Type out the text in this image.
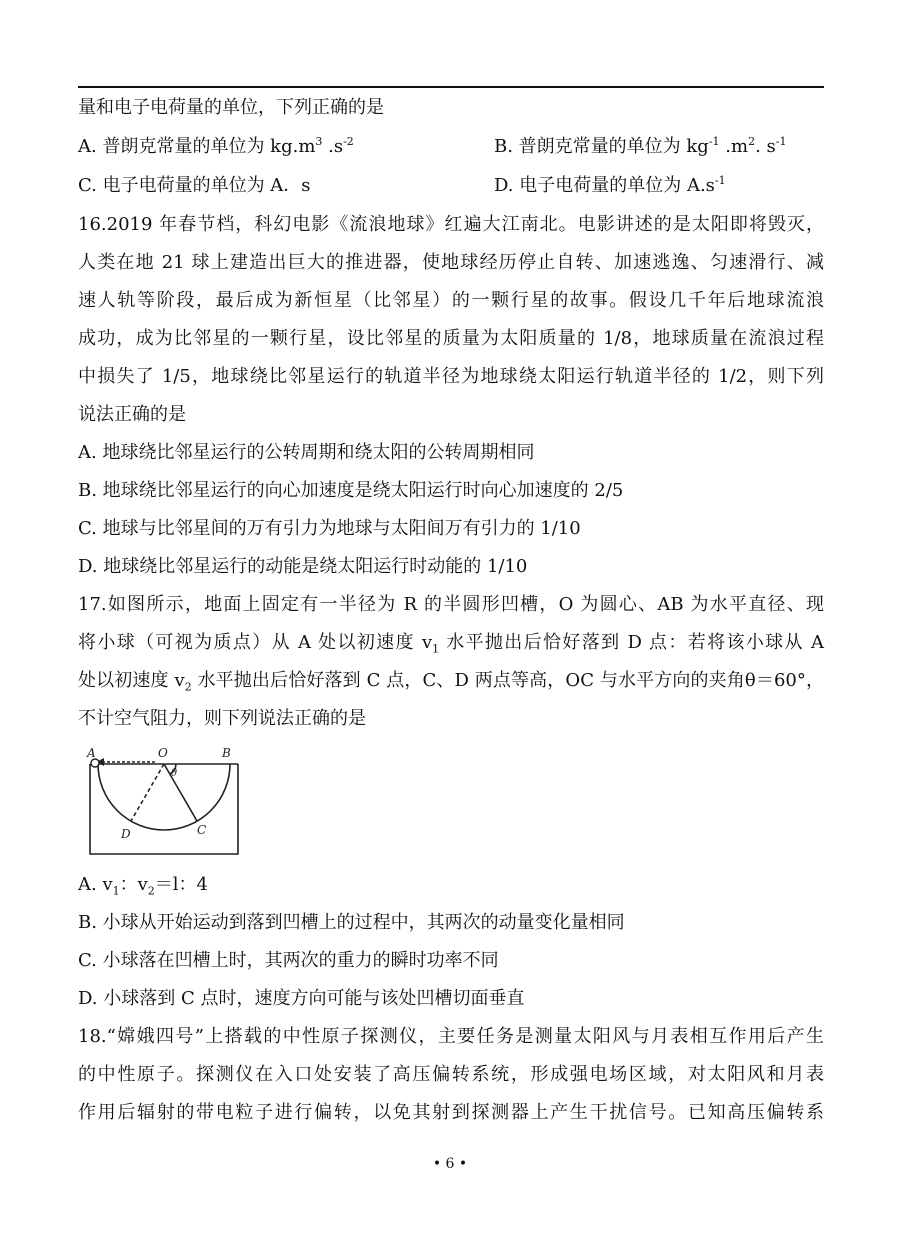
量和电子电荷量的单位，下列正确的是
A. 普朗克常量的单位为 $kg.m^3$ $.s^{-2}$	B. 普朗克常量的单位为 $kg^{-1}$ $.m^2$. $s^{-1}$
C. 电子电荷量的单位为 A．s	D. 电子电荷量的单位为 $A.s^{-1}$
16.2019 年春节档，科幻电影《流浪地球》红遍大江南北。电影讲述的是太阳即将毁灭，
人类在地 21 球上建造出巨大的推进器，使地球经历停止自转、加速逃逸、匀速滑行、减
速人轨等阶段，最后成为新恒星（比邻星）的一颗行星的故事。假设几千年后地球流浪
成功，成为比邻星的一颗行星，设比邻星的质量为太阳质量的 1/8，地球质量在流浪过程
中损失了 1/5，地球绕比邻星运行的轨道半径为地球绕太阳运行轨道半径的 1/2，则下列
说法正确的是
A. 地球绕比邻星运行的公转周期和绕太阳的公转周期相同
B. 地球绕比邻星运行的向心加速度是绕太阳运行时向心加速度的 2/5
C. 地球与比邻星间的万有引力为地球与太阳间万有引力的 1/10
D. 地球绕比邻星运行的动能是绕太阳运行时动能的 1/10
17.如图所示，地面上固定有一半径为 R 的半圆形凹槽，O 为圆心、AB 为水平直径、现
将小球（可视为质点）从 A 处以初速度 $v_1$ 水平抛出后恰好落到 D 点：若将该小球从 A
处以初速度 $v_2$ 水平抛出后恰好落到 C 点，C、D 两点等高，OC 与水平方向的夹角θ＝60°，
不计空气阻力，则下列说法正确的是
A	O	B
θ
D	C
A. $v_1$：$v_2=l$：4
B. 小球从开始运动到落到凹槽上的过程中，其两次的动量变化量相同
C. 小球落在凹槽上时，其两次的重力的瞬时功率不同
D. 小球落到 C 点时，速度方向可能与该处凹槽切面垂直
18.“嫦娥四号”上搭载的中性原子探测仪，主要任务是测量太阳风与月表相互作用后产生
的中性原子。探测仪在入口处安装了高压偏转系统，形成强电场区域，对太阳风和月表
作用后辐射的带电粒子进行偏转，以免其射到探测器上产生干扰信号。已知高压偏转系
• 6 •
